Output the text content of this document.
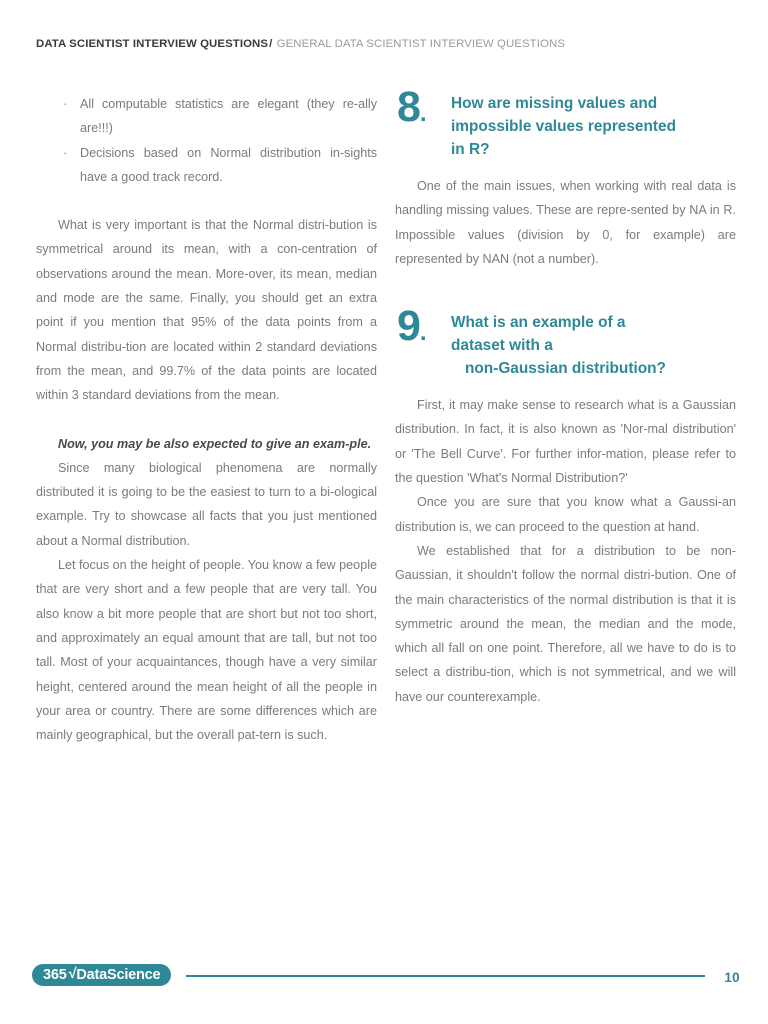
DATA SCIENTIST INTERVIEW QUESTIONS/ GENERAL DATA SCIENTIST INTERVIEW QUESTIONS
· All computable statistics are elegant (they re-ally are!!!)
· Decisions based on Normal distribution in-sights have a good track record.

What is very important is that the Normal distri-bution is symmetrical around its mean, with a con-centration of observations around the mean. More-over, its mean, median and mode are the same. Finally, you should get an extra point if you mention that 95% of the data points from a Normal distribu-tion are located within 2 standard deviations from the mean, and 99.7% of the data points are located within 3 standard deviations from the mean.

Now, you may be also expected to give an exam-ple.

Since many biological phenomena are normally distributed it is going to be the easiest to turn to a bi-ological example. Try to showcase all facts that you just mentioned about a Normal distribution.

Let focus on the height of people. You know a few people that are very short and a few people that are very tall. You also know a bit more people that are short but not too short, and approximately an equal amount that are tall, but not too tall. Most of your acquaintances, though have a very similar height, centered around the mean height of all the people in your area or country. There are some differences which are mainly geographical, but the overall pat-tern is such.

8. How are missing values and
impossible values represented
in R?

One of the main issues, when working with real data is handling missing values. These are repre-sented by NA in R. Impossible values (division by 0, for example) are represented by NAN (not a number).

9. What is an example of a
dataset with a
non-Gaussian distribution?

First, it may make sense to research what is a Gaussian distribution. In fact, it is also known as 'Nor-mal distribution' or 'The Bell Curve'. For further infor-mation, please refer to the question 'What's Normal Distribution?'

Once you are sure that you know what a Gaussi-an distribution is, we can proceed to the question at hand.

We established that for a distribution to be non-Gaussian, it shouldn't follow the normal distri-bution. One of the main characteristics of the normal distribution is that it is symmetric around the mean, the median and the mode, which all fall on one point. Therefore, all we have to do is to select a distribu-tion, which is not symmetrical, and we will have our counterexample.

365 √ DataScience	10
